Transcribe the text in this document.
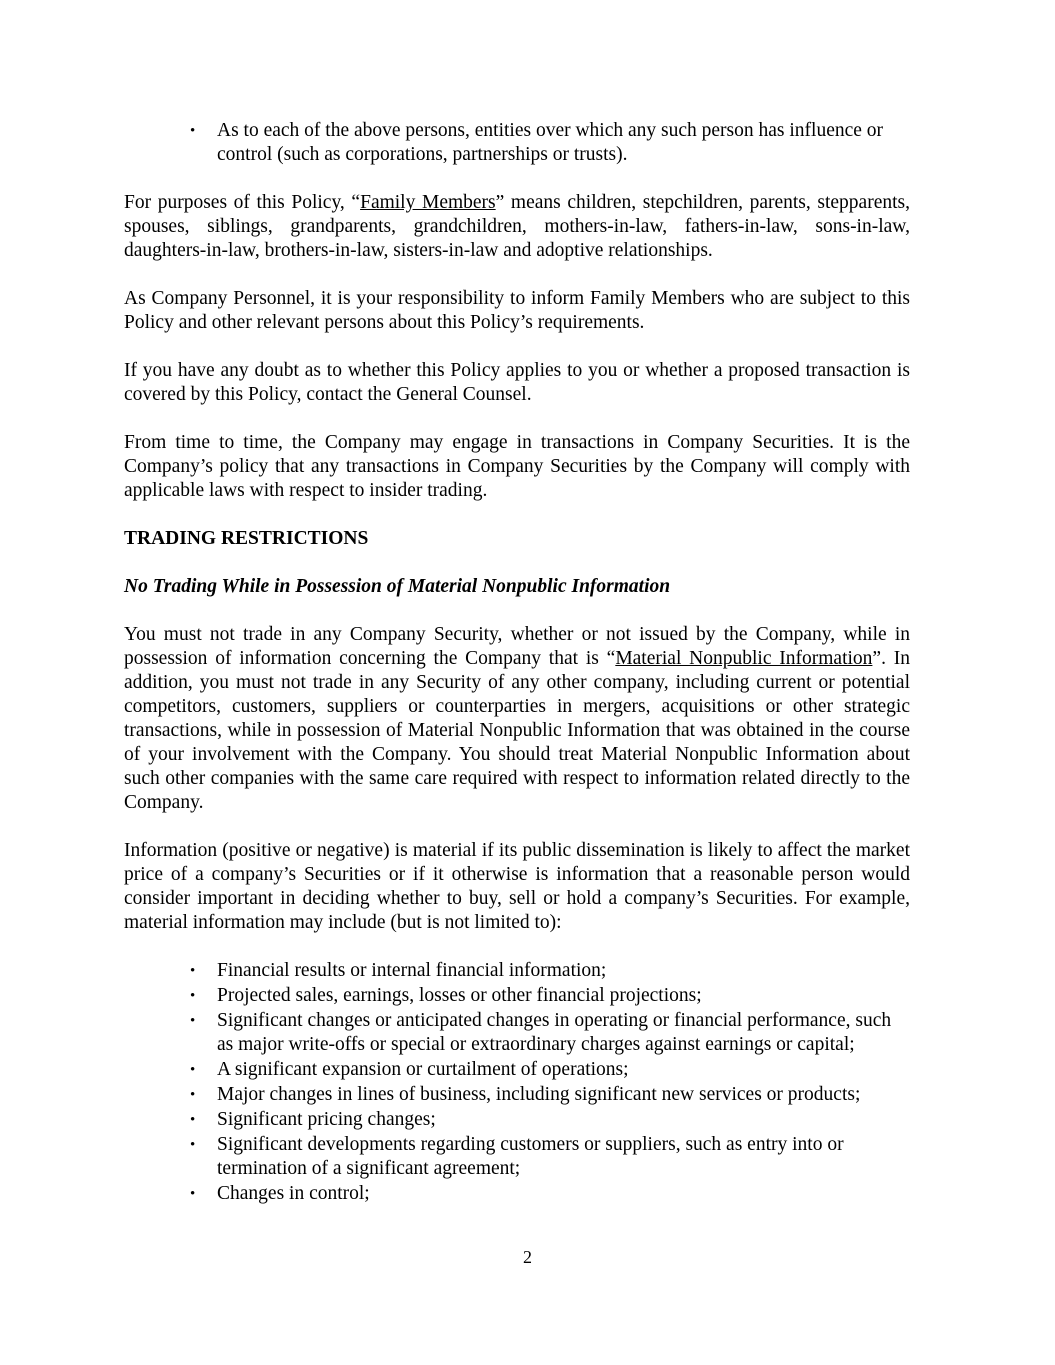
• As to each of the above persons, entities over which any such person has influence or control (such as corporations, partnerships or trusts).

For purposes of this Policy, “Family Members” means children, stepchildren, parents, stepparents, spouses, siblings, grandparents, grandchildren, mothers-in-law, fathers-in-law, sons-in-law, daughters-in-law, brothers-in-law, sisters-in-law and adoptive relationships.

As Company Personnel, it is your responsibility to inform Family Members who are subject to this Policy and other relevant persons about this Policy’s requirements.

If you have any doubt as to whether this Policy applies to you or whether a proposed transaction is covered by this Policy, contact the General Counsel.

From time to time, the Company may engage in transactions in Company Securities. It is the Company’s policy that any transactions in Company Securities by the Company will comply with applicable laws with respect to insider trading.

TRADING RESTRICTIONS

No Trading While in Possession of Material Nonpublic Information

You must not trade in any Company Security, whether or not issued by the Company, while in possession of information concerning the Company that is “Material Nonpublic Information”. In addition, you must not trade in any Security of any other company, including current or potential competitors, customers, suppliers or counterparties in mergers, acquisitions or other strategic transactions, while in possession of Material Nonpublic Information that was obtained in the course of your involvement with the Company. You should treat Material Nonpublic Information about such other companies with the same care required with respect to information related directly to the Company.

Information (positive or negative) is material if its public dissemination is likely to affect the market price of a company’s Securities or if it otherwise is information that a reasonable person would consider important in deciding whether to buy, sell or hold a company’s Securities. For example, material information may include (but is not limited to):

• Financial results or internal financial information;
• Projected sales, earnings, losses or other financial projections;
• Significant changes or anticipated changes in operating or financial performance, such as major write-offs or special or extraordinary charges against earnings or capital;
• A significant expansion or curtailment of operations;
• Major changes in lines of business, including significant new services or products;
• Significant pricing changes;
• Significant developments regarding customers or suppliers, such as entry into or termination of a significant agreement;
• Changes in control;
2
